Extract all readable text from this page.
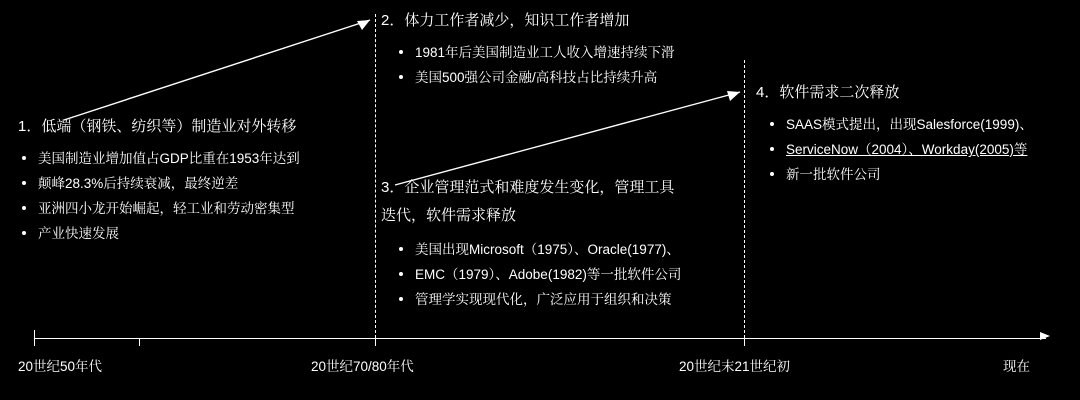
1．低端（钢铁、纺织等）制造业对外转移
美国制造业增加值占GDP比重在1953年达到
颠峰28.3%后持续衰减，最终逆差
亚洲四小龙开始崛起，轻工业和劳动密集型
产业快速发展
2．体力工作者减少，知识工作者增加
1981年后美国制造业工人收入增速持续下滑
美国500强公司金融/高科技占比持续升高
3．企业管理范式和难度发生变化，管理工具
迭代，软件需求释放
美国出现Microsoft（1975）、Oracle(1977)、
EMC（1979）、Adobe(1982)等一批软件公司
管理学实现现代化，广泛应用于组织和决策
4．软件需求二次释放
SAAS模式提出，出现Salesforce(1999)、
ServiceNow（2004）、Workday(2005)等
新一批软件公司
20世纪50年代	20世纪70/80年代	20世纪末21世纪初	现在
